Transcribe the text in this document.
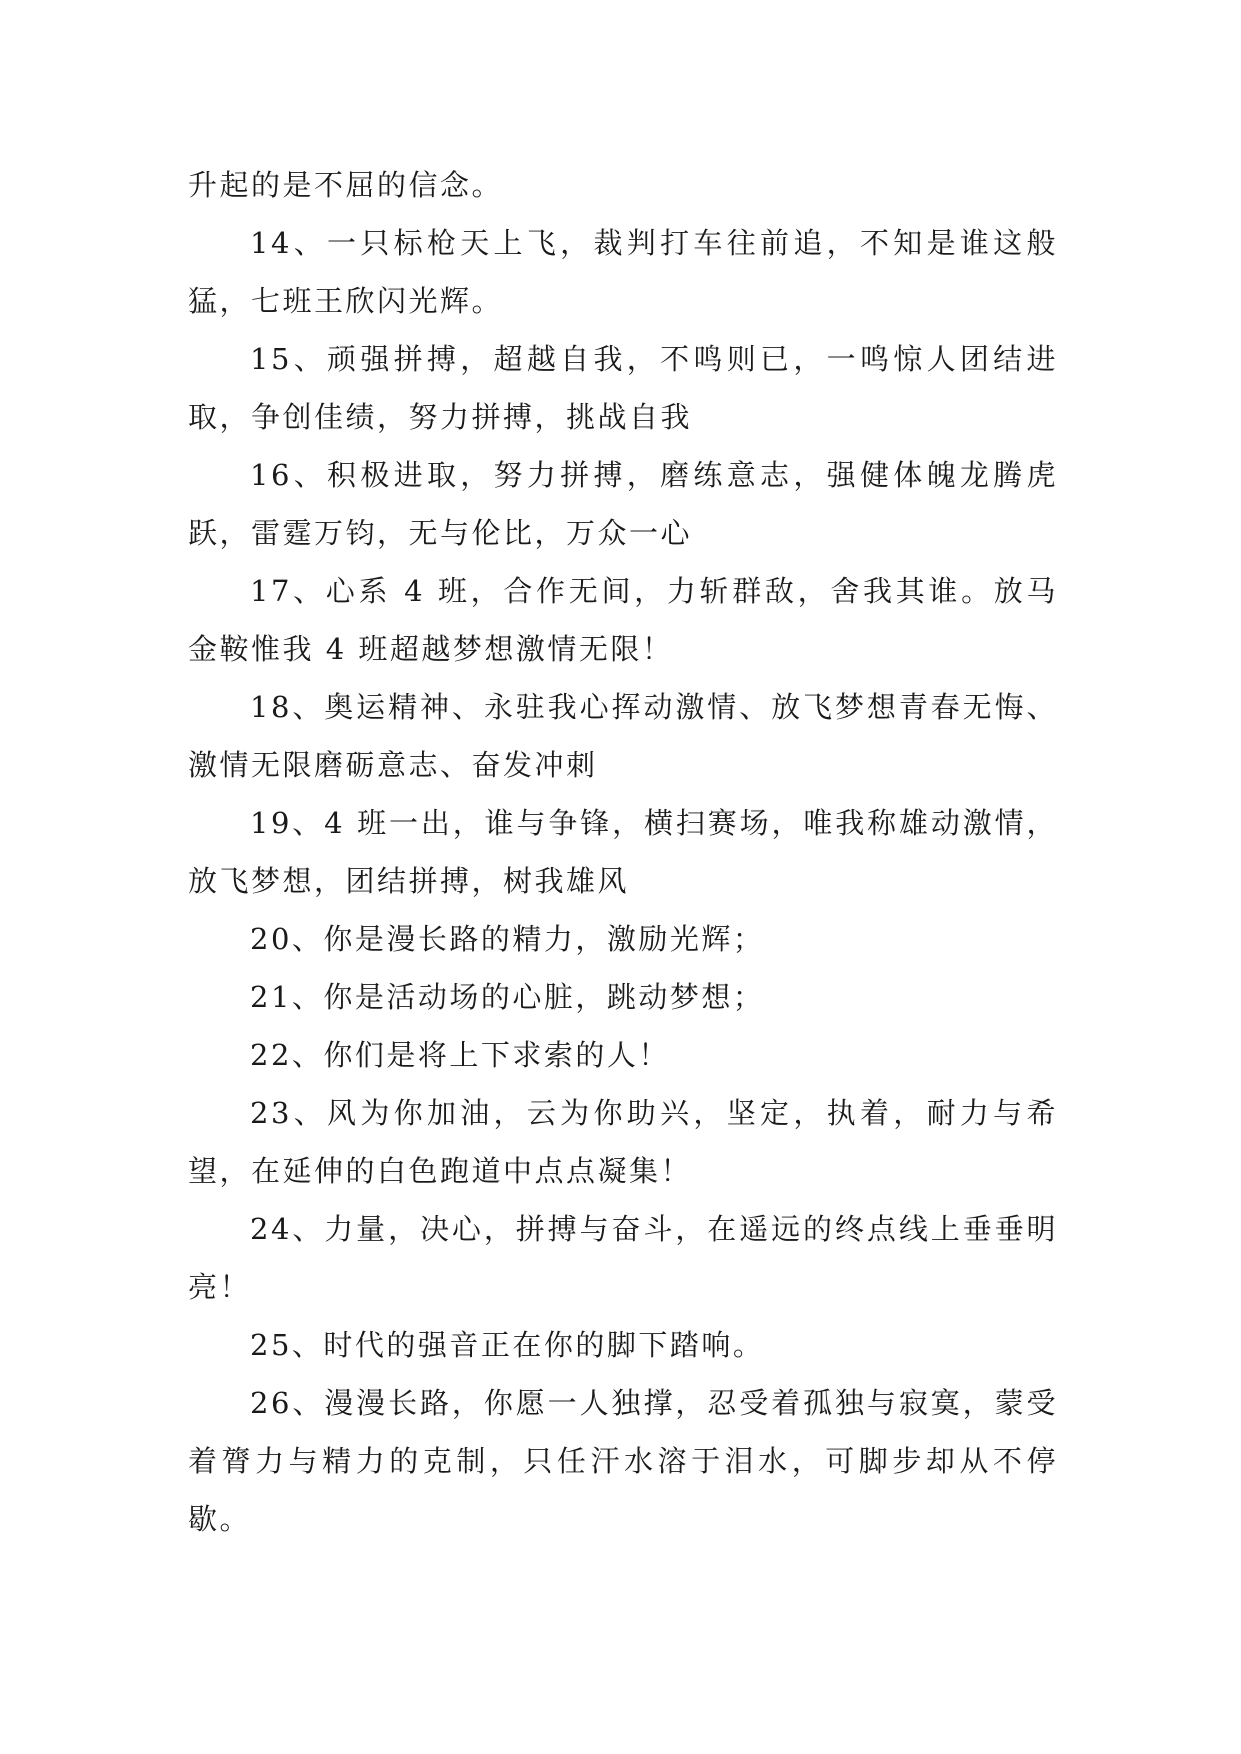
升起的是不屈的信念。

14、一只标枪天上飞，裁判打车往前追，不知是谁这般猛，七班王欣闪光辉。

15、顽强拼搏，超越自我，不鸣则已，一鸣惊人团结进取，争创佳绩，努力拼搏，挑战自我

16、积极进取，努力拼搏，磨练意志，强健体魄龙腾虎跃，雷霆万钧，无与伦比，万众一心

17、心系 4 班，合作无间，力斩群敌，舍我其谁。放马金鞍惟我 4 班超越梦想激情无限！

18、奥运精神、永驻我心挥动激情、放飞梦想青春无悔、激情无限磨砺意志、奋发冲刺

19、4 班一出，谁与争锋，横扫赛场，唯我称雄动激情，放飞梦想，团结拼搏，树我雄风

20、你是漫长路的精力，激励光辉；

21、你是活动场的心脏，跳动梦想；

22、你们是将上下求索的人！

23、风为你加油，云为你助兴，坚定，执着，耐力与希望，在延伸的白色跑道中点点凝集！

24、力量，决心，拼搏与奋斗，在遥远的终点线上垂垂明亮！

25、时代的强音正在你的脚下踏响。

26、漫漫长路，你愿一人独撑，忍受着孤独与寂寞，蒙受着膂力与精力的克制，只任汗水溶于泪水，可脚步却从不停歇。
